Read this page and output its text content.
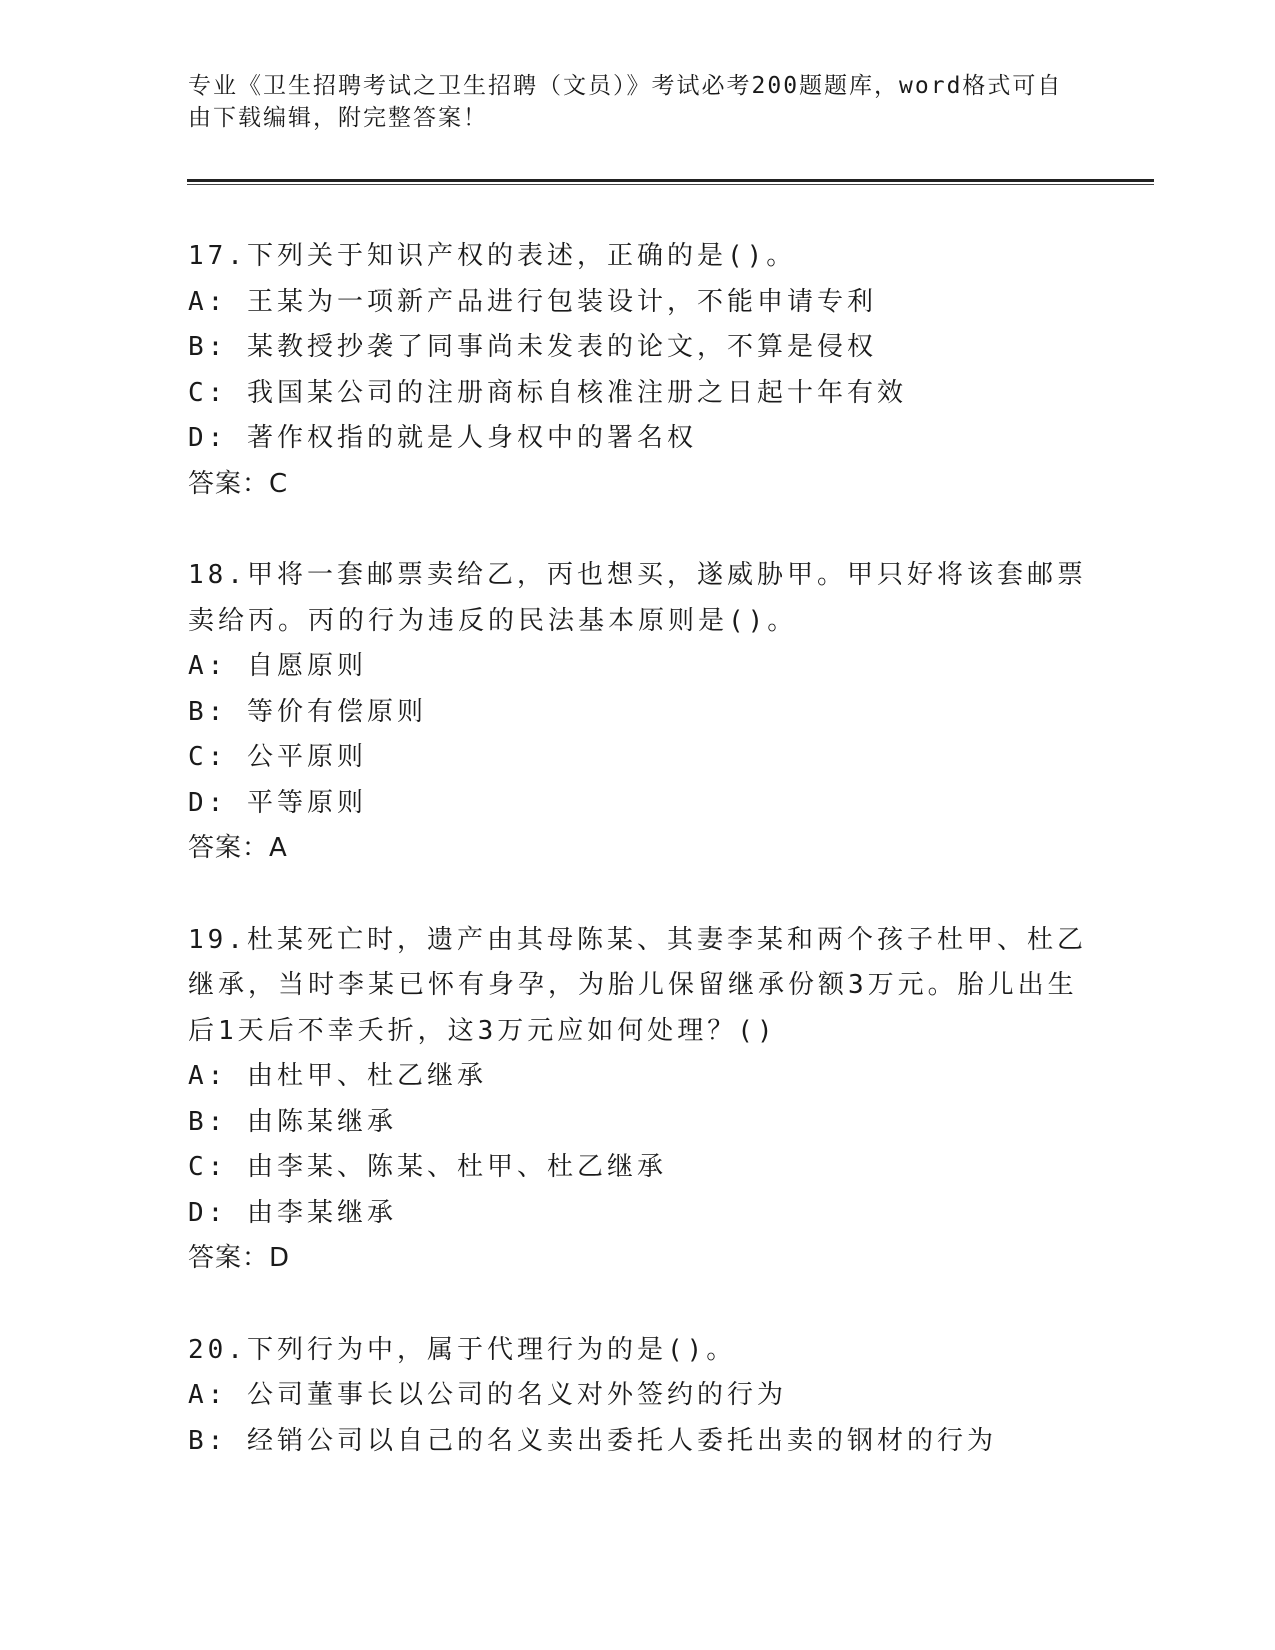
专业《卫生招聘考试之卫生招聘（文员）》考试必考200题题库，word格式可自由下载编辑，附完整答案！
17.下列关于知识产权的表述，正确的是()。
A: 王某为一项新产品进行包装设计，不能申请专利
B: 某教授抄袭了同事尚未发表的论文，不算是侵权
C: 我国某公司的注册商标自核准注册之日起十年有效
D: 著作权指的就是人身权中的署名权
答案：C
18.甲将一套邮票卖给乙，丙也想买，遂威胁甲。甲只好将该套邮票卖给丙。丙的行为违反的民法基本原则是()。
A: 自愿原则
B: 等价有偿原则
C: 公平原则
D: 平等原则
答案：A
19.杜某死亡时，遗产由其母陈某、其妻李某和两个孩子杜甲、杜乙继承，当时李某已怀有身孕，为胎儿保留继承份额3万元。胎儿出生后1天后不幸夭折，这3万元应如何处理？()
A: 由杜甲、杜乙继承
B: 由陈某继承
C: 由李某、陈某、杜甲、杜乙继承
D: 由李某继承
答案：D
20.下列行为中，属于代理行为的是()。
A: 公司董事长以公司的名义对外签约的行为
B: 经销公司以自己的名义卖出委托人委托出卖的钢材的行为
